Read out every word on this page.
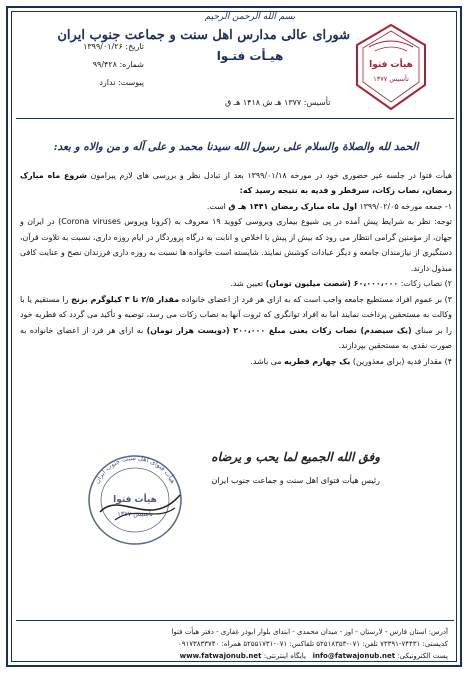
تاریخ: ۱۳۹۹/۰۱/۲۶
شماره: ۹۹/۴۲۸
پیوست: ندارد
بسم الله الرحمن الرحیم
شورای عالی مدارس اهل سنت و جماعت جنوب ایران
هیـأت فتـوا
تأسیس: ۱۳۷۷ هـ ش ۱۴۱۸ هـ ق
هیأت فتوا
تأسیس ۱۳۷۷
الحمد لله والصلاة والسلام علی رسول الله سیدنا محمد و علی آله و من والاه و بعد:

هیأت فتوا در جلسه غیر حضوری خود در مورخه ۱۳۹۹/۰۱/۱۸ بعد از تبادل نظر و بررسی های لازم پیرامون شروع ماه مبارک رمضان، نصاب زکات، سرفطر و فدیه به نتیجه رسید که:

۱- جمعه مورخه ۱۳۹۹/۰۲/۰۵ اول ماه مبارک رمضان ۱۴۴۱ هـ ق است.

توجه: نظر به شرایط پیش آمده در پی شیوع بیماری ویروسی کووید ۱۹ معروف به (کرونا ویروس Corona viruses) در ایران و جهان، از مؤمنین گرامی انتظار می رود که بیش از پیش با اخلاص و انابت به درگاه پروردگار در ایام روزه داری، نسبت به تلاوت قرآن، دستگیری از نیازمندان جامعه و دیگر عبادات کوشش نمایند. شایسته است خانواده ها نسبت به روزه داری فرزندان نصح و عنایت کافی مبذول دارند.

۲) نصاب زکات: ۶۰،۰۰۰،۰۰۰ (شصت میلیون تومان) تعیین شد.

۳) بر عموم افراد مستطیع جامعه واجب است که به ازای هر فرد از اعضای خانواده مقدار ۲/۵ تا ۳ کیلوگرم برنج را مستقیم یا با وکالت به مستحقین پرداخت نمایند اما به افراد توانگری که ثروت آنها به نصاب زکات می رسد، توصیه و تأکید می گردد که فطریه خود را بر مبنای (یک سیصدم) نصاب زکات یعنی مبلغ ۲۰۰،۰۰۰ (دویست هزار تومان) به ازای هر فرد از اعضای خانواده به صورت نقدی به مستحقین بپردازند.

۴) مقدار فدیه (برای معذورین) یک چهارم فطریه می باشد.

وفق الله الجمیع لما یحب و یرضاه
رئیس هیأت فتوای اهل سنت و جماعت جنوب ایران
هیأت فتوای اهل سنت جنوب ایران
هیأت فتوا
تأسیس ۱۳۷۷
آدرس: استان فارس - لارستان - اوز - میدان محمدی - ابتدای بلوار ابوذر غفاری - دفتر هیأت فتوا
کدپستی: ۷۴۴۳۱-۷۳۳۹۱ تلفن: ۰۷۱-۵۲۵۱۸۳۵۳ تلفاکس: ۰۷۱-۵۲۵۵۱۷۳۱ همراه: ۰۹۱۷۳۸۳۳۷۴۰
پست الکترونیکی: info@fatwajonub.net   پایگاه اینترنتی: www.fatwajonub.net
